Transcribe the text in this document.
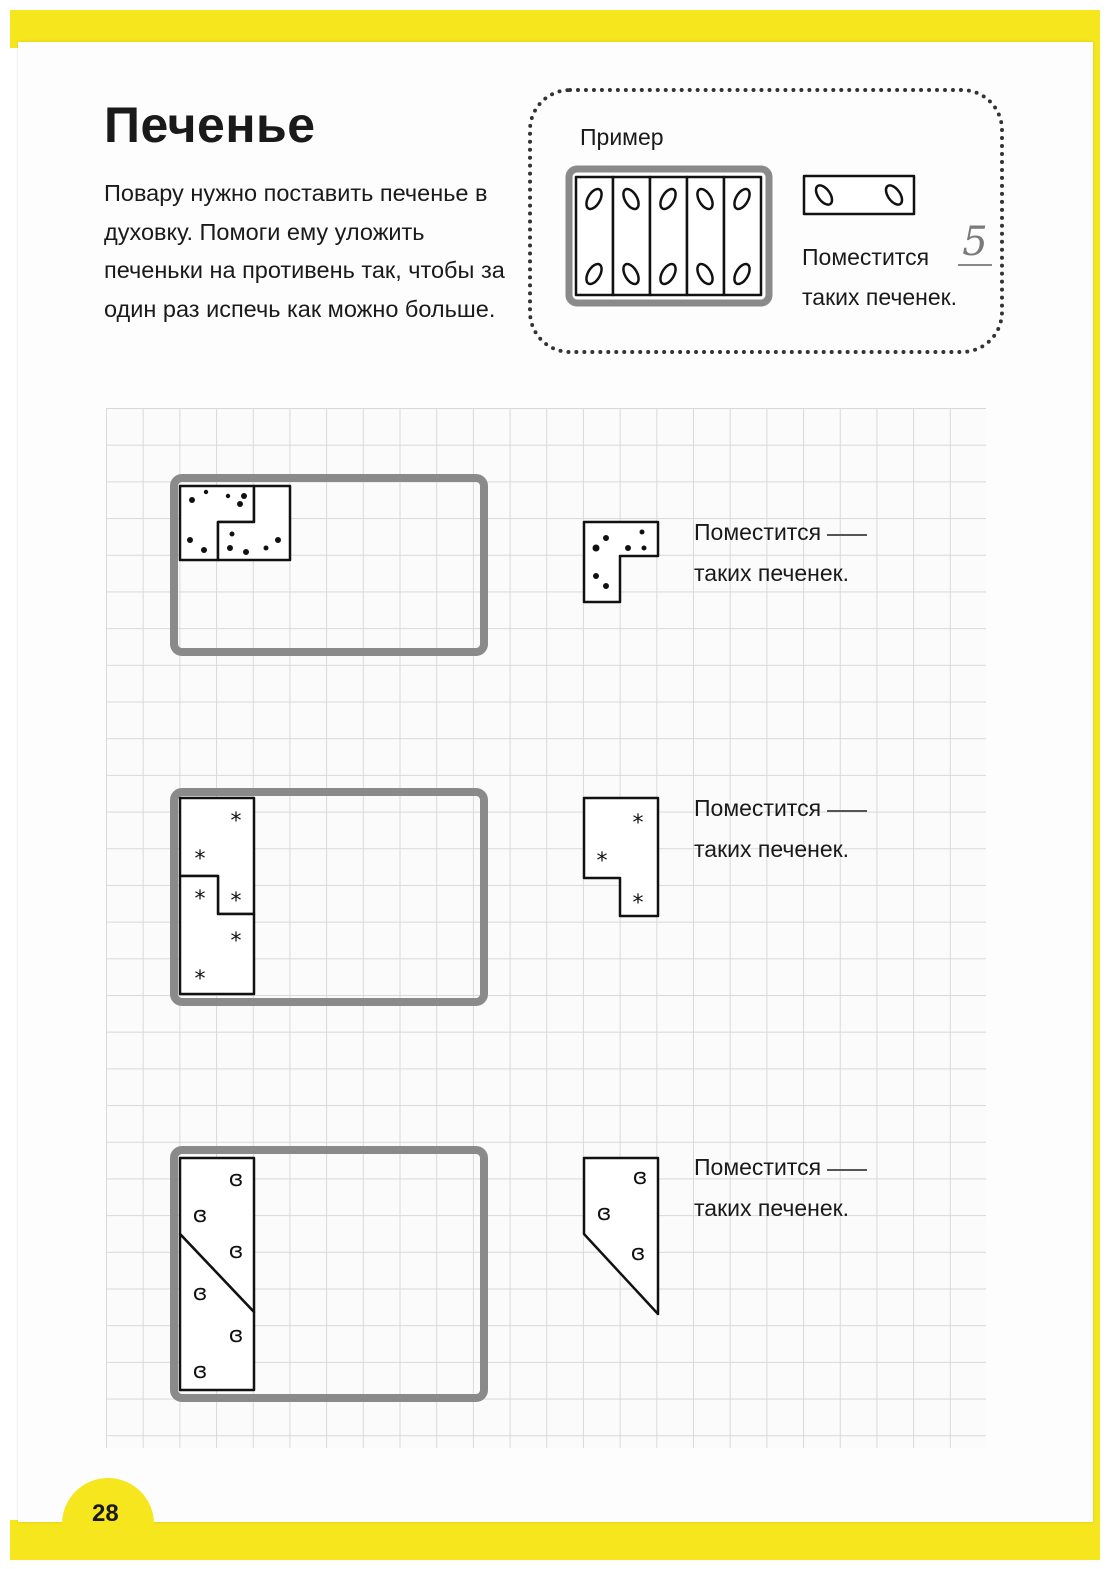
Печенье

Повару нужно поставить печенье в духовку. Помоги ему уложить печеньки на противень так, чтобы за один раз испечь как можно больше.

Пример
Поместится
таких печенек.
5
Поместится
таких печенек.
*
*
* *
*
*
*
*
*
Поместится
таких печенек.
ɞ
ɞ
ɞ
ɞ
ɞ
ɞ
ɞ
ɞ
ɞ
Поместится
таких печенек.
28
